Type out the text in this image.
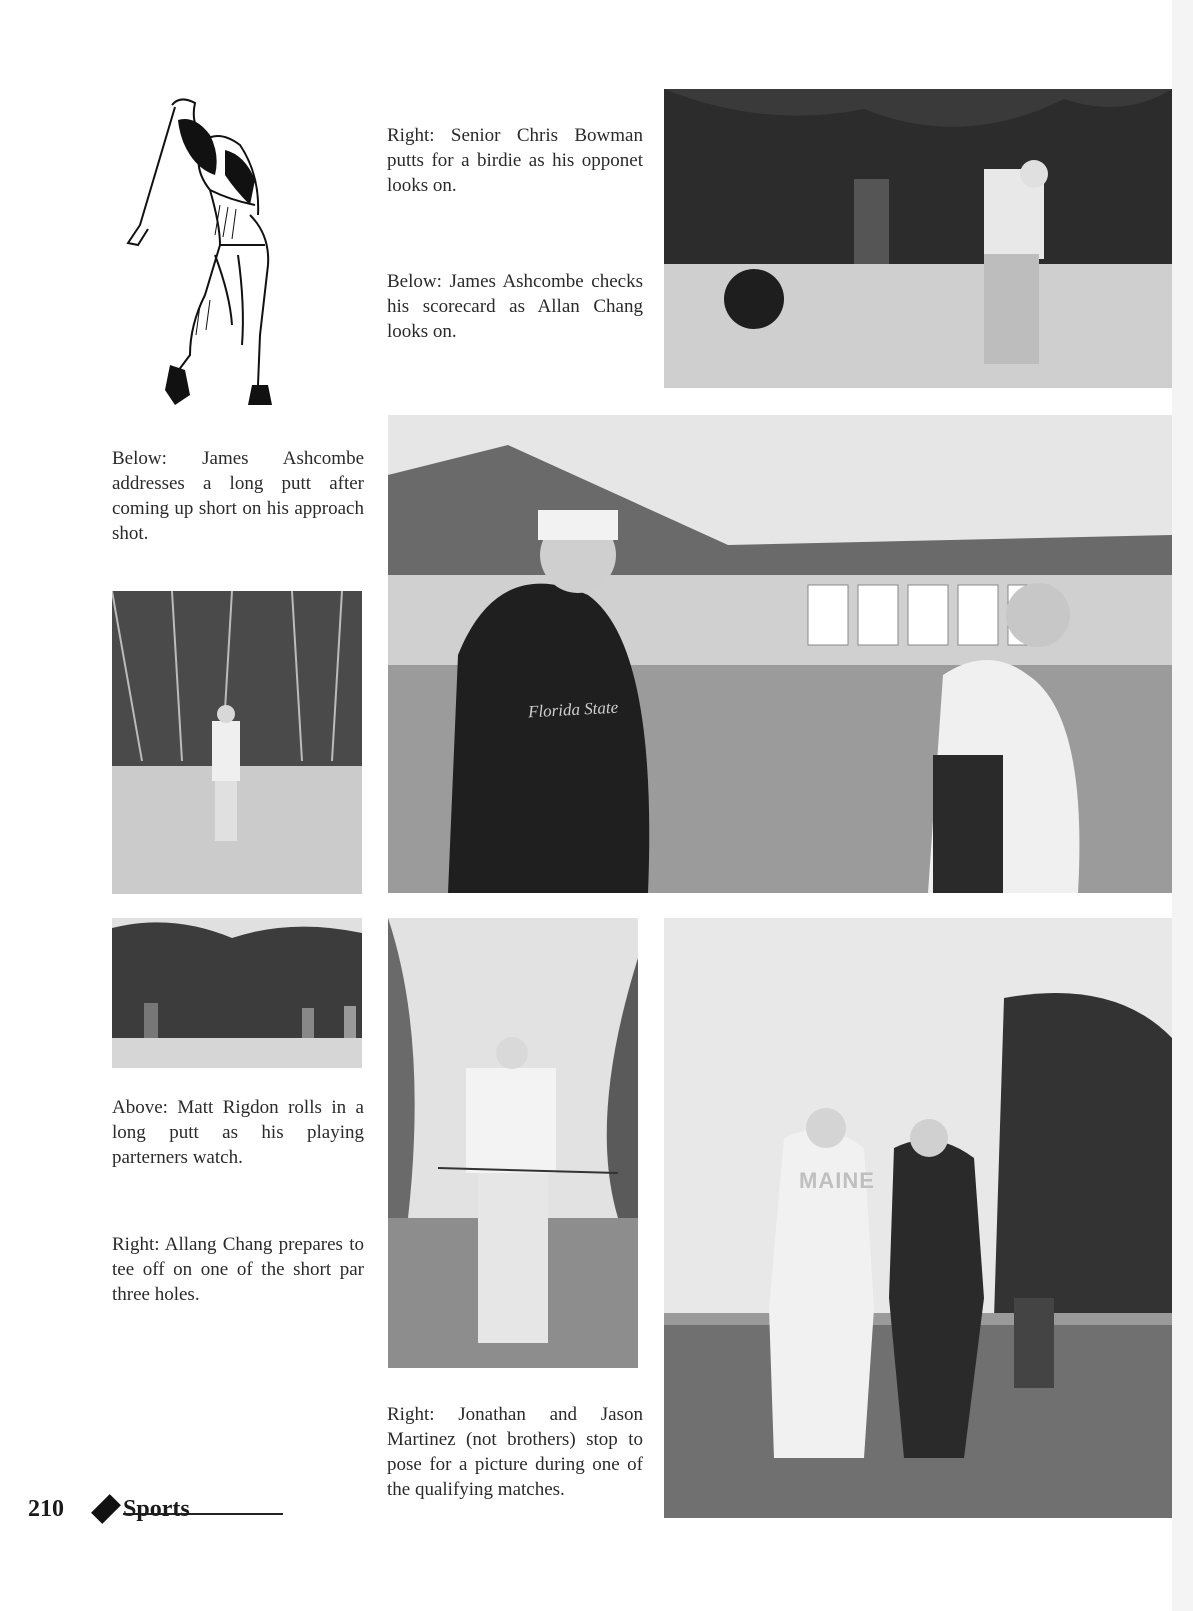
Right: Senior Chris Bowman putts for a birdie as his opponet looks on.
Below: James Ashcombe checks his scorecard as Allan Chang looks on.
Below: James Ashcombe addresses a long putt after coming up short on his approach shot.
Florida State
Above: Matt Rigdon rolls in a long putt as his playing parterners watch.
Right: Allang Chang prepares to tee off on one of the short par three holes.
MAINE
Right: Jonathan and Jason Martinez (not brothers) stop to pose for a picture during one of the qualifying matches.
210 Sports
